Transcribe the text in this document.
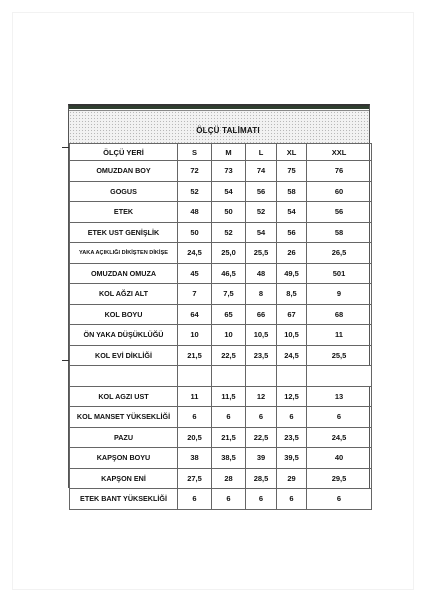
ÖLÇÜ TALİMATI
ÖLÇÜ YERİ	S	M	L	XL	XXL
OMUZDAN BOY	72	73	74	75	76
GOGUS	52	54	56	58	60
ETEK	48	50	52	54	56
ETEK UST GENİŞLİK	50	52	54	56	58
YAKA AÇIKLIĞI DİKİŞTEN DİKİŞE	24,5	25,0	25,5	26	26,5
OMUZDAN OMUZA	45	46,5	48	49,5	501
KOL AĞZI ALT	7	7,5	8	8,5	9
KOL BOYU	64	65	66	67	68
ÖN YAKA DÜŞÜKLÜĞÜ	10	10	10,5	10,5	11
KOL EVİ DİKLİĞİ	21,5	22,5	23,5	24,5	25,5

KOL AGZI UST	11	11,5	12	12,5	13
KOL MANSET YÜKSEKLİĞİ	6	6	6	6	6
PAZU	20,5	21,5	22,5	23,5	24,5
KAPŞON BOYU	38	38,5	39	39,5	40
KAPŞON ENİ	27,5	28	28,5	29	29,5
ETEK BANT YÜKSEKLİĞİ	6	6	6	6	6
